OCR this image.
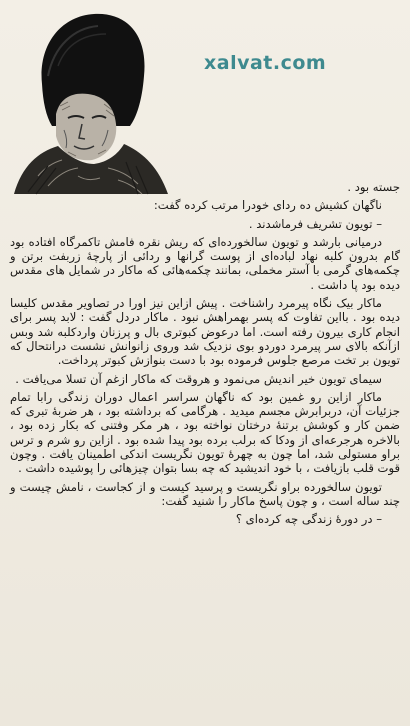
xalvat.com

جسته بود .

ناگهان کشیش ده ردای خودرا مرتب کرده گفت:

– تویون تشریف فرماشدند .

درمیانی بارشد و تویون سالخورده‌ای که ریش نقره فامش تاکمرگاه افتاده بود گام بدرون کلبه نهاد لباده‌ای از پوست گرانها و ردائی از پارچهٔ زربفت برتن و چکمه‌های گرمی با آستر مخملی، بمانند چکمه‌هائی که ماکار در شمایل های مقدس دیده بود پا داشت .

ماکار بیک نگاه پیرمرد راشناخت . پیش ازاین نیز اورا در تصاویر مقدس کلیسا دیده بود . بااین تفاوت که پسر بهمراهش نبود . ماکار دردل گفت : لابد پسر برای انجام کاری بیرون رفته است. اما درعوض کبوتری بال و پرزنان واردکلبه شد وبس ازآنکه بالای سر پیرمرد دوردو بوی نزدیک شد وروی زانوانش نشست درانتحال که تویون بر تخت مرصع جلوس فرموده بود با دست بنوازش کبوتر پرداخت.

سیمای تویون خیر اندیش می‌نمود و هروقت که ماکار ازغم آن تسلا می‌یافت .

ماکار ازاین رو غمین بود که ناگهان سراسر اعمال دوران زندگی رابا تمام جزئیات آن، دربرابرش مجسم میدید . هرگامی که برداشته بود ، هر ضربهٔ تبری که ضمن کار و کوشش برتنهٔ درختان نواخته بود ، هر مکر وفتنی که بکار زده بود ، بالاخره هرجرعه‌ای از ودکا که برلب برده بود پیدا شده بود . ازاین رو شرم و ترس براو مستولی شد، اما چون به چهرهٔ تویون نگریست اندکی اطمینان یافت . وچون قوت قلب بازیافت ، با خود اندیشید که چه بسا بتوان چیزهائی را پوشیده داشت .

تویون سالخورده براو نگریست و پرسید کیست و از کجاست ، نامش چیست و چند ساله است ، و چون پاسخ ماکار را شنید گفت:

– در دورهٔ زندگی چه کرده‌ای ؟
